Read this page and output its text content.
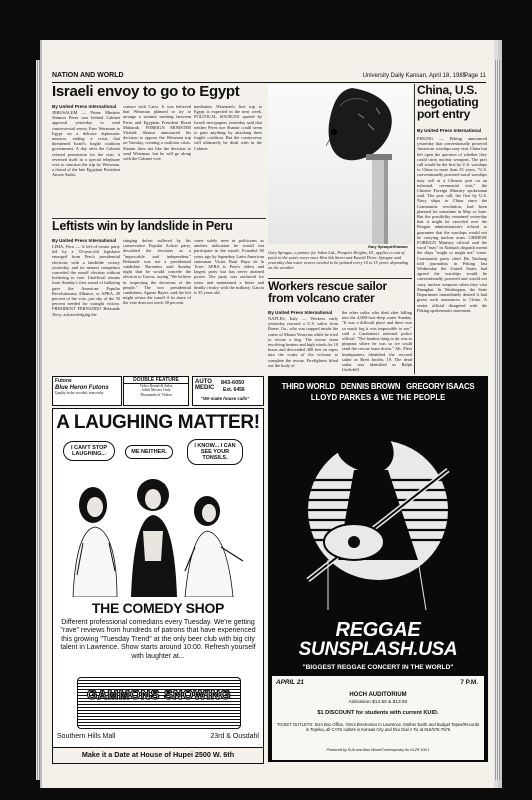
NATION AND WORLD	University Daily Kansan, April 18, 1985
Page 11
Israeli envoy to go to Egypt
By United Press International
JERUSALEM — Prime Minister Shimon Peres was behind Cabinet approval yesterday to send controversial envoy Ezer Weizman to Egypt on a delicate diplomatic mission, ending a crisis that threatened Israel's fragile coalition government. A day after the Cabinet refused permission for the visit, it reversed itself in a special telephone vote to sanction the trip by Weizman, a friend of the late Egyptian President Anwar Sadat.
contact with Cairo. It was believed that Weizman planned to try to arrange a summit meeting between Peres and Egyptian President Hosni Mubarak. FOREIGN MINISTER Yitzhak Shamir announced his decision to oppose the Weizman trip on Tuesday, creating a coalition crisis. Shamir does not like the decision to send Weizman, but he will go along with the Cabinet vote.
mediation. Weizman's first trip to Egypt is expected in the next week. POLITICAL SOURCES quoted by Israeli newspapers yesterday said that neither Peres nor Shamir could seem to gain anything by attacking their fragile coalition. But the controversy will ultimately be dealt with in the Cabinet.
Leftists win by landslide in Peru
By United Press International
LIMA, Peru — A left-of-center party led by a 35-year-old legislator emerged from Peru's presidential elections with a landslide victory yesterday, and its nearest competitor conceded the runoff election without bothering to vote. Unofficial returns from Sunday's first round of balloting gave the American Popular Revolutionary Alliance, or APRA, 49 percent of the vote, just shy of the 50 percent needed for outright victory. PRESIDENT FERNANDO Belaunde Terry, acknowledging the
stinging defeat suffered by his conservative Popular Action party, described the elections as a "impeccable and independent." Belaunde was not a presidential candidate. Barrantes said Sunday night that he would concede the election to Garcia, saying "We believe in respecting the decisions of the people." The two presidential candidates, Agusto Bayer, said the left might refuse the runoff if its share of the vote does not reach 30 percent.
come solely seen in politicians as another indication he would not participate in the runoff. Founded 60 years ago by legendary Latin American statesman Victor Raul Haya de la Torre, APRA is Peru's oldest and largest party but has never attained power. The party was outlawed for years and maintained a bitter and deadly rivalry with the military. Garcia is 35 years old.
Gary Spraque/Kansan
Gary Sprague, a painter for Johns Ltd., Prospect Heights, Ill., applies a coat of paint to the water tower near West 6th Street and Kasold Drive. Sprague said yesterday that water towers needed to be painted every 10 to 15 years, depending on the weather.
China, U.S. negotiating port entry
By United Press International
PEKING — Peking announced yesterday that conventionally powered American warships may visit China but left open the question of whether they could carry nuclear weapons. The port call would be the first by U.S. warships to China in more than 35 years. "U.S. conventionally powered naval warships may call at a Chinese port on an informal, ceremonial visit," the Chinese Foreign Ministry spokesman said. The port call, the first by U.S. Navy ships to China since the Communist revolution, had been planned for sometime in May or June. But the possibility remained yesterday that it might be canceled over the Reagan administration's refusal to guarantee that the warships would not be carrying nuclear arms. CHINESE FOREIGN Ministry official said the word "may" in Xinhua's dispatch meant the ships "might or might not" come. Communist party chief Hu Yaobang told journalists in Peking last Wednesday the United States had agreed the warships would be conventionally powered and would not carry nuclear weapons when they visit Shanghai. In Washington, the State Department immediately denied it had given such assurances to China. A senior official disagreed with the Peking spokesman's statement.
Workers rescue sailor from volcano crater
By United Press International
NAPLES, Italy — Workers early yesterday rescued a U.S. sailor from Rome, Ga., who was trapped inside the crater of Mount Vesuvius while he tried to rescue a dog. The rescue team involving beaters and high winds for 10 hours and descended 400 feet on ropes into the crater of the volcano to complete the rescue. Firefighters lifted out the body of
the other sailor who died after falling into the 4,000-foot-deep crater Sunday. "It was a difficult place and there was so much fog it was impossible to see," said a Carabinieri national police official. "The hardest thing to do was to pinpoint where he was so we could send the rescue team down." Alt. Fleet headquarters identified the rescued sailor as Brett Jacobs, 19. The dead sailor was identified as Ralph Underhill.
Futons
Blue Heron Futons
Quality in the wooded, seaworthy
DOUBLE FEATURE
Video Rental & Sales
Adult Movies Only
Thousands of Videos
AUTO MEDIC
843-6050
Ext. 6456
"We make house calls"
A LAUGHING MATTER!
I CAN'T STOP LAUGHING...	ME NEITHER.
I KNOW... I CAN SEE YOUR TONSILS.
THE COMEDY SHOP
Different professional comedians every Tuesday. We're getting "rave" reviews from hundreds of patrons that have experienced this growing "Tuesday Trend" at the only beer club with big city talent in Lawrence. Show starts around 10:00. Refresh yourself with laughter at...
GAMMONS SNOWING
Southern Hills Mall	23rd & Ousdahl
Make it a Date at House of Hupei 2500 W. 6th
THIRD WORLD   DENNIS BROWN   GREGORY ISAACS
LLOYD PARKES & WE THE PEOPLE
REGGAE
SUNSPLASH.USA
"BIGGEST REGGAE CONCERT IN THE WORLD"
APRIL 21	7 P.M.
HOCH AUDITORIUM
Admission $12.50 & $13.50
$1 DISCOUNT for students with current KUID.
TICKET OUTLETS: SUA Box Office, Omni Electronics in Lawrence, Mother Earth and Budget Tapes/Records in Topeka, all CATS outlets in Kansas City and thru Dial A Tix at 816/576-7676
Produced by SUA and Alan Wood/Contemporary for KLZR 106.1
